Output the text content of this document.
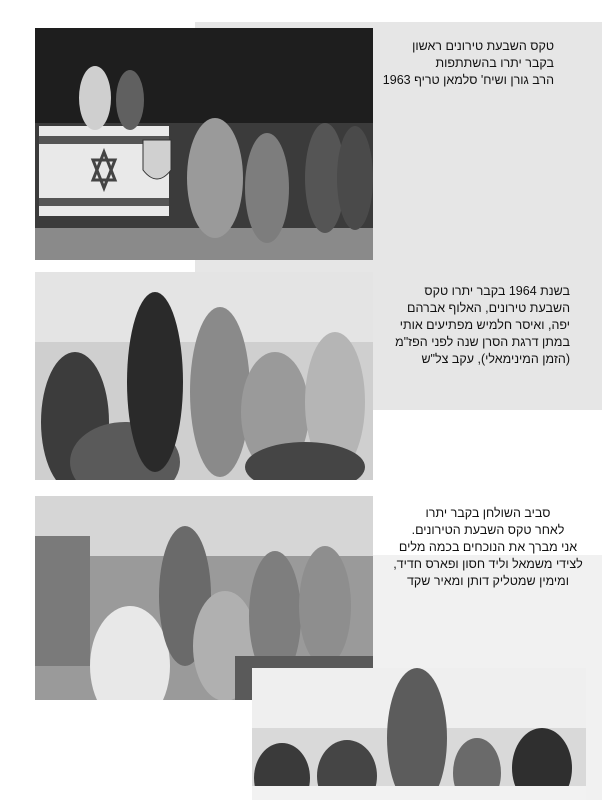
טקס השבעת טירונים ראשון
בקבר יתרו בהשתתפות
הרב גורן ושיח' סלמאן טריף 1963
בשנת 1964 בקבר יתרו טקס
השבעת טירונים, האלוף אברהם
יפה, ואיסר חלמיש מפתיעים אותי
במתן דרגת הסרן שנה לפני הפז"מ
(הזמן המינימאלי), עקב צל"ש
סביב השולחן בקבר יתרו
לאחר טקס השבעת הטירונים.
אני מברך את הנוכחים בכמה מלים
לצידי משמאל וליד חסון ופארס חדיד,
ומימין שמטליק דותן ומאיר שקד
